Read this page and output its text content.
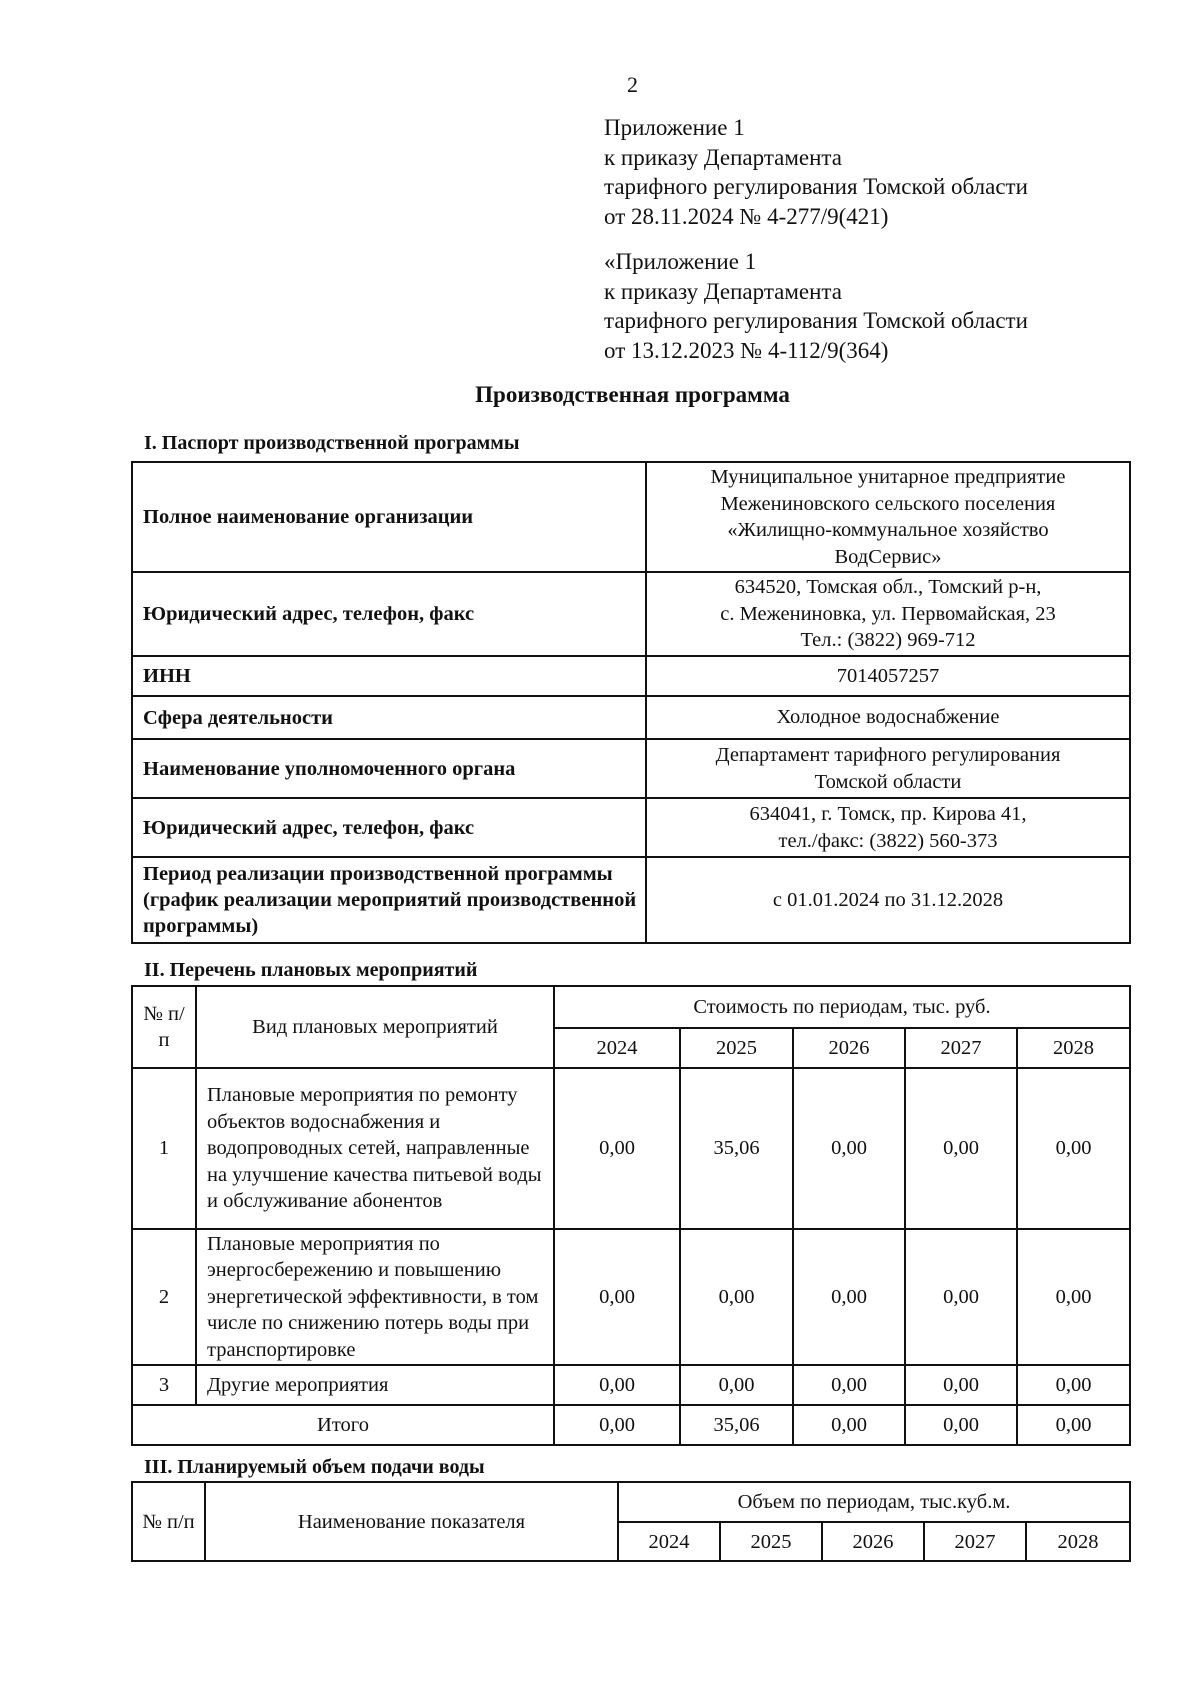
2
Приложение 1
к приказу Департамента
тарифного регулирования Томской области
от 28.11.2024 № 4-277/9(421)
«Приложение 1
к приказу Департамента
тарифного регулирования Томской области
от 13.12.2023 № 4-112/9(364)
Производственная программа
I. Паспорт производственной программы
Полное наименование организации	Муниципальное унитарное предприятие
Межениновского сельского поселения
«Жилищно-коммунальное хозяйство
ВодСервис»

Юридический адрес, телефон, факс	634520, Томская обл., Томский р-н,
с. Межениновка, ул. Первомайская, 23
Тел.: (3822) 969-712

ИНН	7014057257

Сфера деятельности	Холодное водоснабжение

Наименование уполномоченного органа	Департамент тарифного регулирования
Томской области

Юридический адрес, телефон, факс	634041, г. Томск, пр. Кирова 41,
тел./факс: (3822) 560-373

Период реализации производственной программы (график реализации мероприятий производственной программы)	с 01.01.2024 по 31.12.2028
II. Перечень плановых мероприятий
№ п/п	Вид плановых мероприятий	Стоимость по периодам, тыс. руб.				
		2024	2025	2026	2027	2028
1	Плановые мероприятия по ремонту объектов водоснабжения и водопроводных сетей, направленные на улучшение качества питьевой воды и обслуживание абонентов	0,00	35,06	0,00	0,00	0,00
2	Плановые мероприятия по энергосбережению и повышению энергетической эффективности, в том числе по снижению потерь воды при транспортировке	0,00	0,00	0,00	0,00	0,00
3	Другие мероприятия	0,00	0,00	0,00	0,00	0,00
Итого		0,00	35,06	0,00	0,00	0,00
III. Планируемый объем подачи воды
№ п/п	Наименование показателя	Объем по периодам, тыс.куб.м.				
		2024	2025	2026	2027	2028
